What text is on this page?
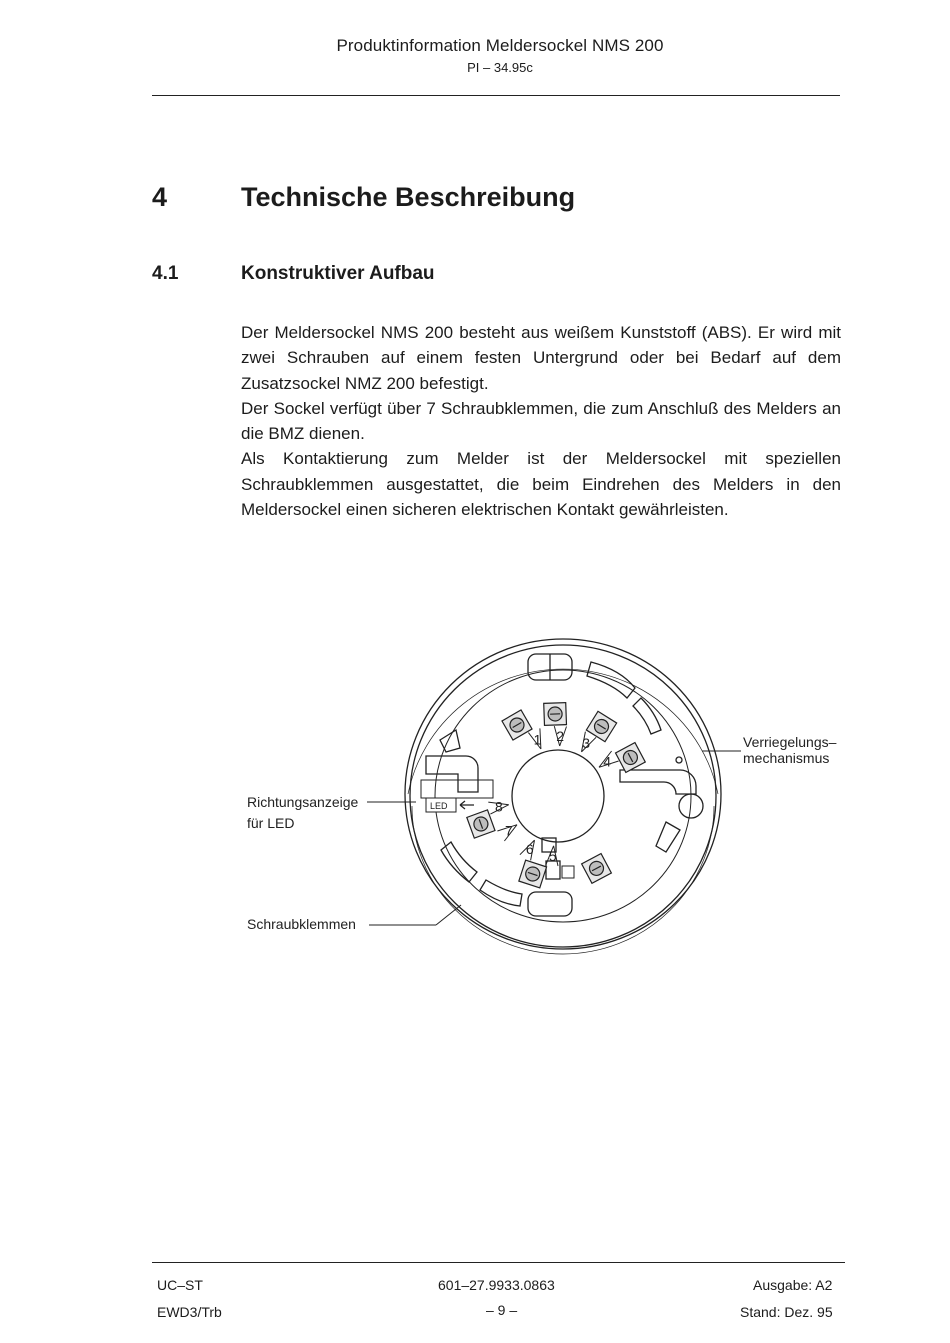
Produktinformation Meldersockel NMS 200
PI – 34.95c
4	Technische Beschreibung
4.1	Konstruktiver Aufbau

Der Meldersockel NMS 200 besteht aus weißem Kunststoff (ABS). Er wird mit zwei Schrauben auf einem festen Untergrund oder bei Bedarf auf dem Zusatzsockel NMZ 200 befestigt.

Der Sockel verfügt über 7 Schraubklemmen, die zum Anschluß des Melders an die BMZ dienen.

Als Kontaktierung zum Melder ist der Meldersockel mit speziellen Schraubklemmen ausgestattet, die beim Eindrehen des Melders in den Meldersockel einen sicheren elektrischen Kontakt gewährleisten.

1 2 3
4
5
6
7
8
LED
Verriegelungs–
mechanismus
Richtungsanzeige
für LED
Schraubklemmen
UC–ST
EWD3/Trb
601–27.9933.0863
– 9 –
Ausgabe: A2
Stand: Dez. 95
